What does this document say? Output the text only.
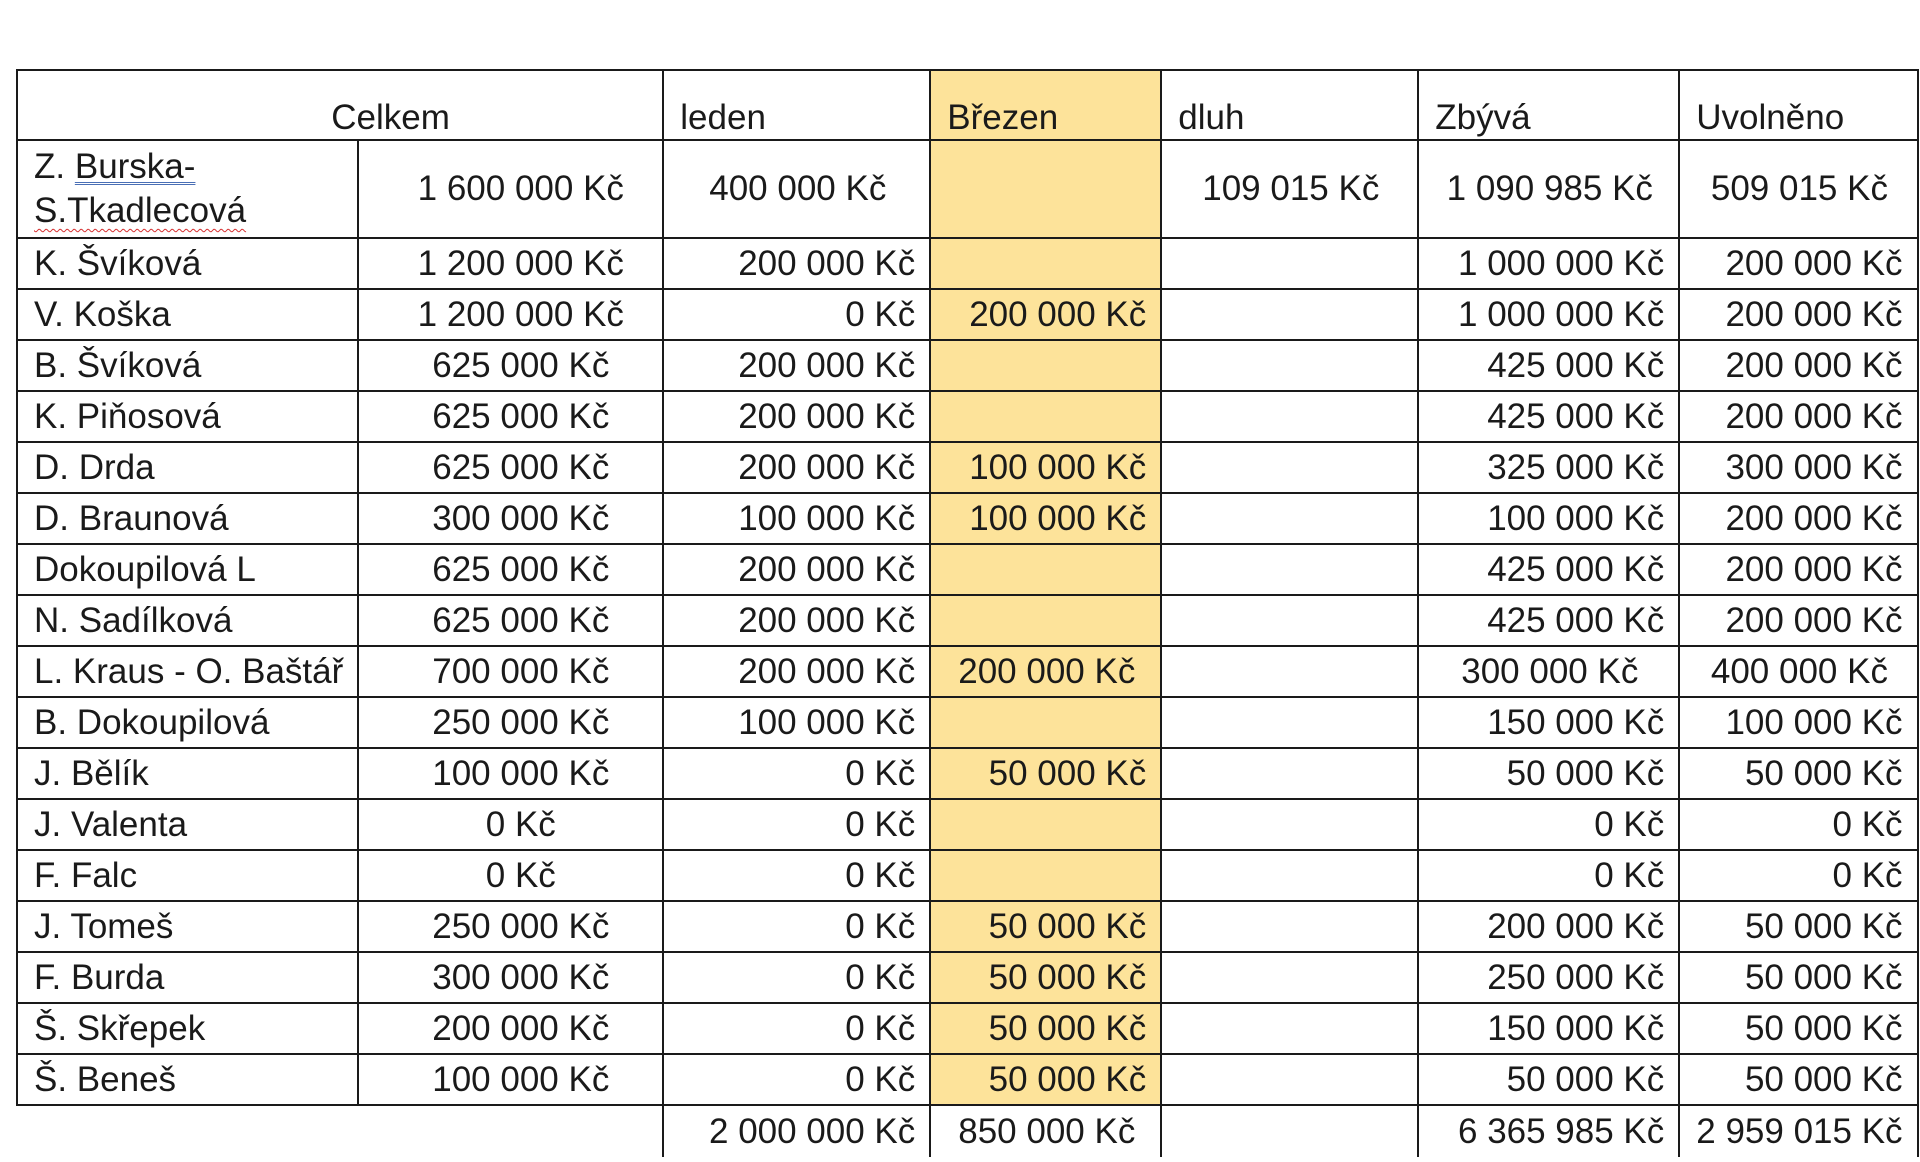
	Celkem	leden	Březen	dluh	Zbývá	Uvolněno
Z. Burska-
S.Tkadlecová	1 600 000 Kč	400 000 Kč		109 015 Kč	1 090 985 Kč	509 015 Kč
K. Švíková	1 200 000 Kč	200 000 Kč			1 000 000 Kč	200 000 Kč
V. Koška	1 200 000 Kč	0 Kč	200 000 Kč		1 000 000 Kč	200 000 Kč
B. Švíková	625 000 Kč	200 000 Kč			425 000 Kč	200 000 Kč
K. Piňosová	625 000 Kč	200 000 Kč			425 000 Kč	200 000 Kč
D. Drda	625 000 Kč	200 000 Kč	100 000 Kč		325 000 Kč	300 000 Kč
D. Braunová	300 000 Kč	100 000 Kč	100 000 Kč		100 000 Kč	200 000 Kč
Dokoupilová L	625 000 Kč	200 000 Kč			425 000 Kč	200 000 Kč
N. Sadílková	625 000 Kč	200 000 Kč			425 000 Kč	200 000 Kč
L. Kraus - O. Baštář	700 000 Kč	200 000 Kč	200 000 Kč		300 000 Kč	400 000 Kč
B. Dokoupilová	250 000 Kč	100 000 Kč			150 000 Kč	100 000 Kč
J. Bělík	100 000 Kč	0 Kč	50 000 Kč		50 000 Kč	50 000 Kč
J. Valenta	0 Kč	0 Kč			0 Kč	0 Kč
F. Falc	0 Kč	0 Kč			0 Kč	0 Kč
J. Tomeš	250 000 Kč	0 Kč	50 000 Kč		200 000 Kč	50 000 Kč
F. Burda	300 000 Kč	0 Kč	50 000 Kč		250 000 Kč	50 000 Kč
Š. Skřepek	200 000 Kč	0 Kč	50 000 Kč		150 000 Kč	50 000 Kč
Š. Beneš	100 000 Kč	0 Kč	50 000 Kč		50 000 Kč	50 000 Kč
		2 000 000 Kč	850 000 Kč		6 365 985 Kč	2 959 015 Kč
